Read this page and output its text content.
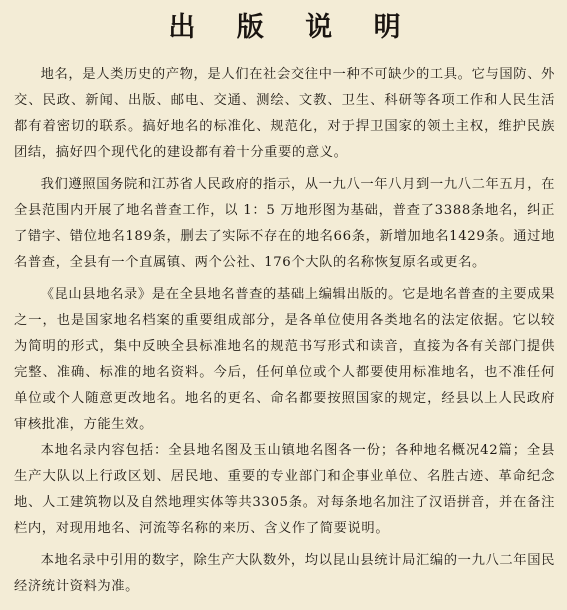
出 版 说 明

地名，是人类历史的产物，是人们在社会交往中一种不可缺少的工具。它与国防、外交、民政、新闻、出版、邮电、交通、测绘、文教、卫生、科研等各项工作和人民生活都有着密切的联系。搞好地名的标准化、规范化，对于捍卫国家的领土主权，维护民族团结，搞好四个现代化的建设都有着十分重要的意义。

我们遵照国务院和江苏省人民政府的指示，从一九八一年八月到一九八二年五月，在全县范围内开展了地名普查工作，以 1：5 万地形图为基础，普查了3388条地名，纠正了错字、错位地名189条，删去了实际不存在的地名66条，新增加地名1429条。通过地名普查，全县有一个直属镇、两个公社、176个大队的名称恢复原名或更名。

《昆山县地名录》是在全县地名普查的基础上编辑出版的。它是地名普查的主要成果之一，也是国家地名档案的重要组成部分，是各单位使用各类地名的法定依据。它以较为简明的形式，集中反映全县标准地名的规范书写形式和读音，直接为各有关部门提供完整、准确、标准的地名资料。今后，任何单位或个人都要使用标准地名，也不准任何单位或个人随意更改地名。地名的更名、命名都要按照国家的规定，经县以上人民政府审核批准，方能生效。

本地名录内容包括：全县地名图及玉山镇地名图各一份；各种地名概况42篇；全县生产大队以上行政区划、居民地、重要的专业部门和企事业单位、名胜古迹、革命纪念地、人工建筑物以及自然地理实体等共3305条。对每条地名加注了汉语拼音，并在备注栏内，对现用地名、河流等名称的来历、含义作了简要说明。

本地名录中引用的数字，除生产大队数外，均以昆山县统计局汇编的一九八二年国民经济统计资料为准。
